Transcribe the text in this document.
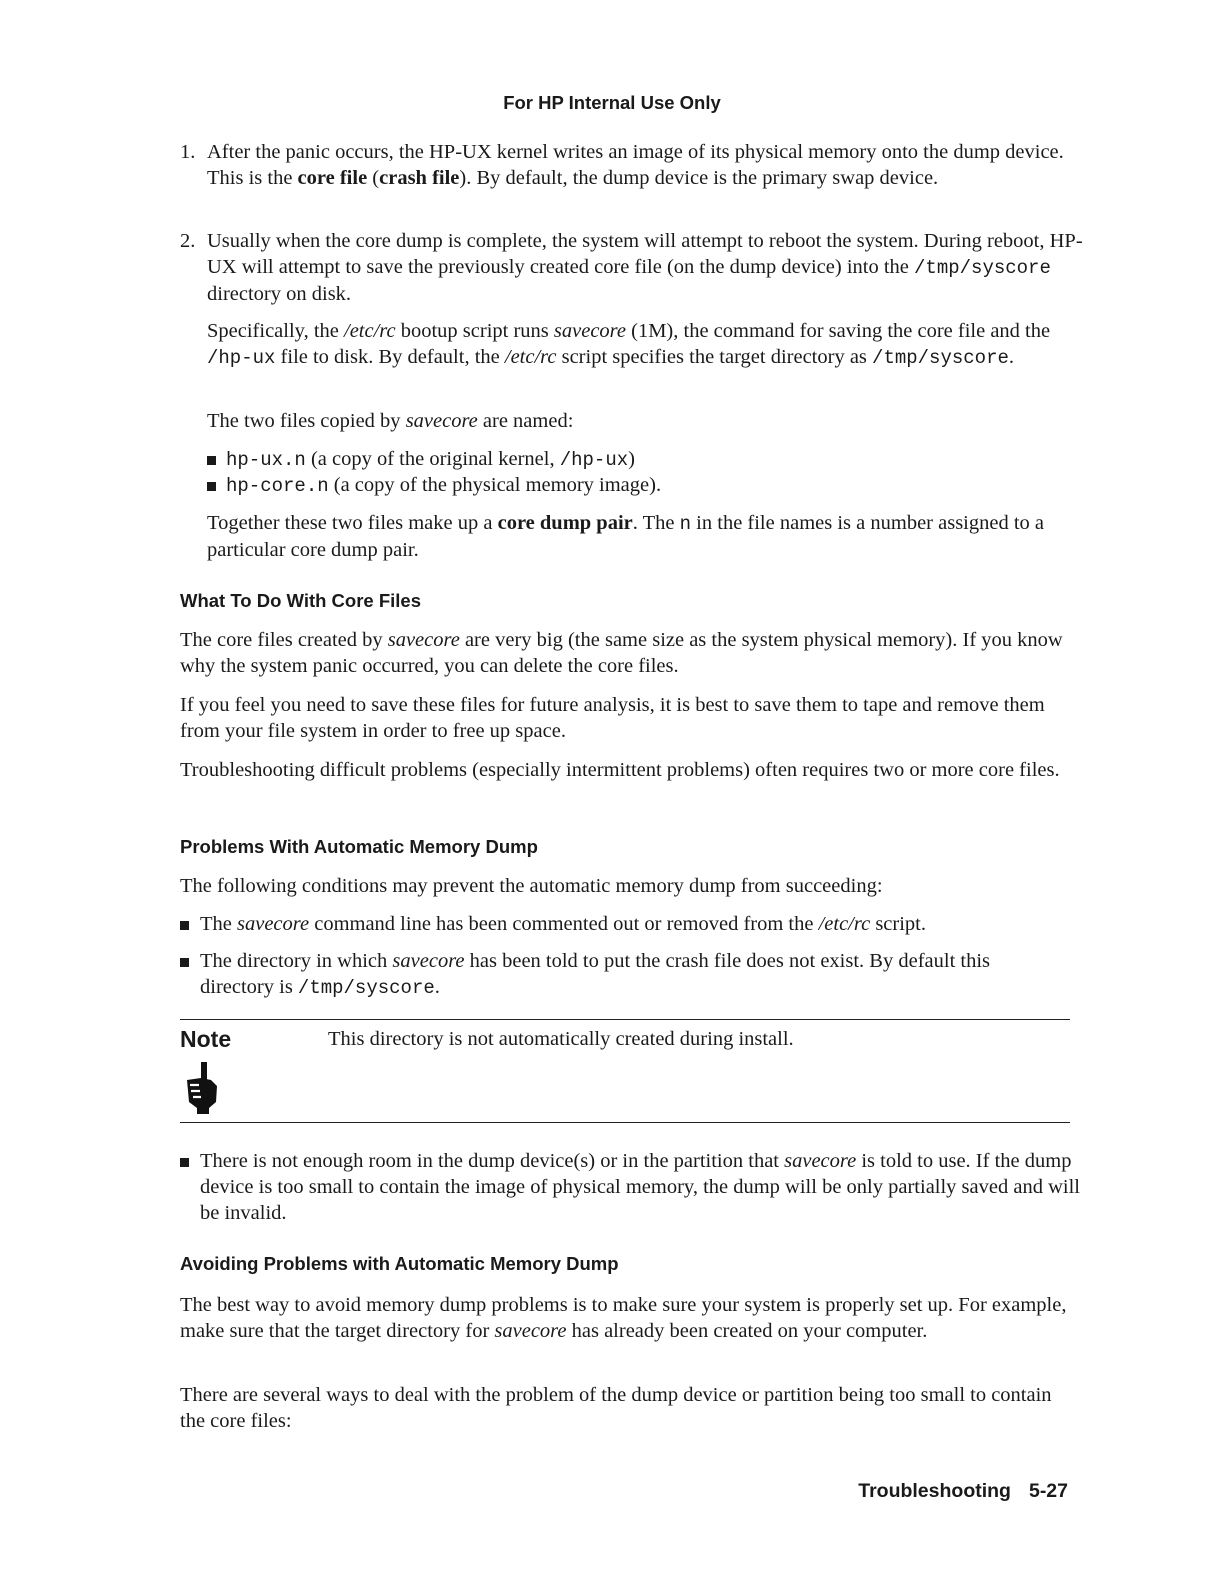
For HP Internal Use Only
1. After the panic occurs, the HP-UX kernel writes an image of its physical memory onto the dump device. This is the core file (crash file). By default, the dump device is the primary swap device.

2. Usually when the core dump is complete, the system will attempt to reboot the system. During reboot, HP-UX will attempt to save the previously created core file (on the dump device) into the /tmp/syscore directory on disk.

Specifically, the /etc/rc bootup script runs savecore (1M), the command for saving the core file and the /hp-ux file to disk. By default, the /etc/rc script specifies the target directory as /tmp/syscore.

The two files copied by savecore are named:

hp-ux.n (a copy of the original kernel, /hp-ux)

hp-core.n (a copy of the physical memory image).

Together these two files make up a core dump pair. The n in the file names is a number assigned to a particular core dump pair.

What To Do With Core Files

The core files created by savecore are very big (the same size as the system physical memory). If you know why the system panic occurred, you can delete the core files.

If you feel you need to save these files for future analysis, it is best to save them to tape and remove them from your file system in order to free up space.

Troubleshooting difficult problems (especially intermittent problems) often requires two or more core files.

Problems With Automatic Memory Dump

The following conditions may prevent the automatic memory dump from succeeding:

The savecore command line has been commented out or removed from the /etc/rc script.

The directory in which savecore has been told to put the crash file does not exist. By default this directory is /tmp/syscore.

Note	This directory is not automatically created during install.

There is not enough room in the dump device(s) or in the partition that savecore is told to use. If the dump device is too small to contain the image of physical memory, the dump will be only partially saved and will be invalid.

Avoiding Problems with Automatic Memory Dump

The best way to avoid memory dump problems is to make sure your system is properly set up. For example, make sure that the target directory for savecore has already been created on your computer.

There are several ways to deal with the problem of the dump device or partition being too small to contain the core files:

Troubleshooting 5-27
